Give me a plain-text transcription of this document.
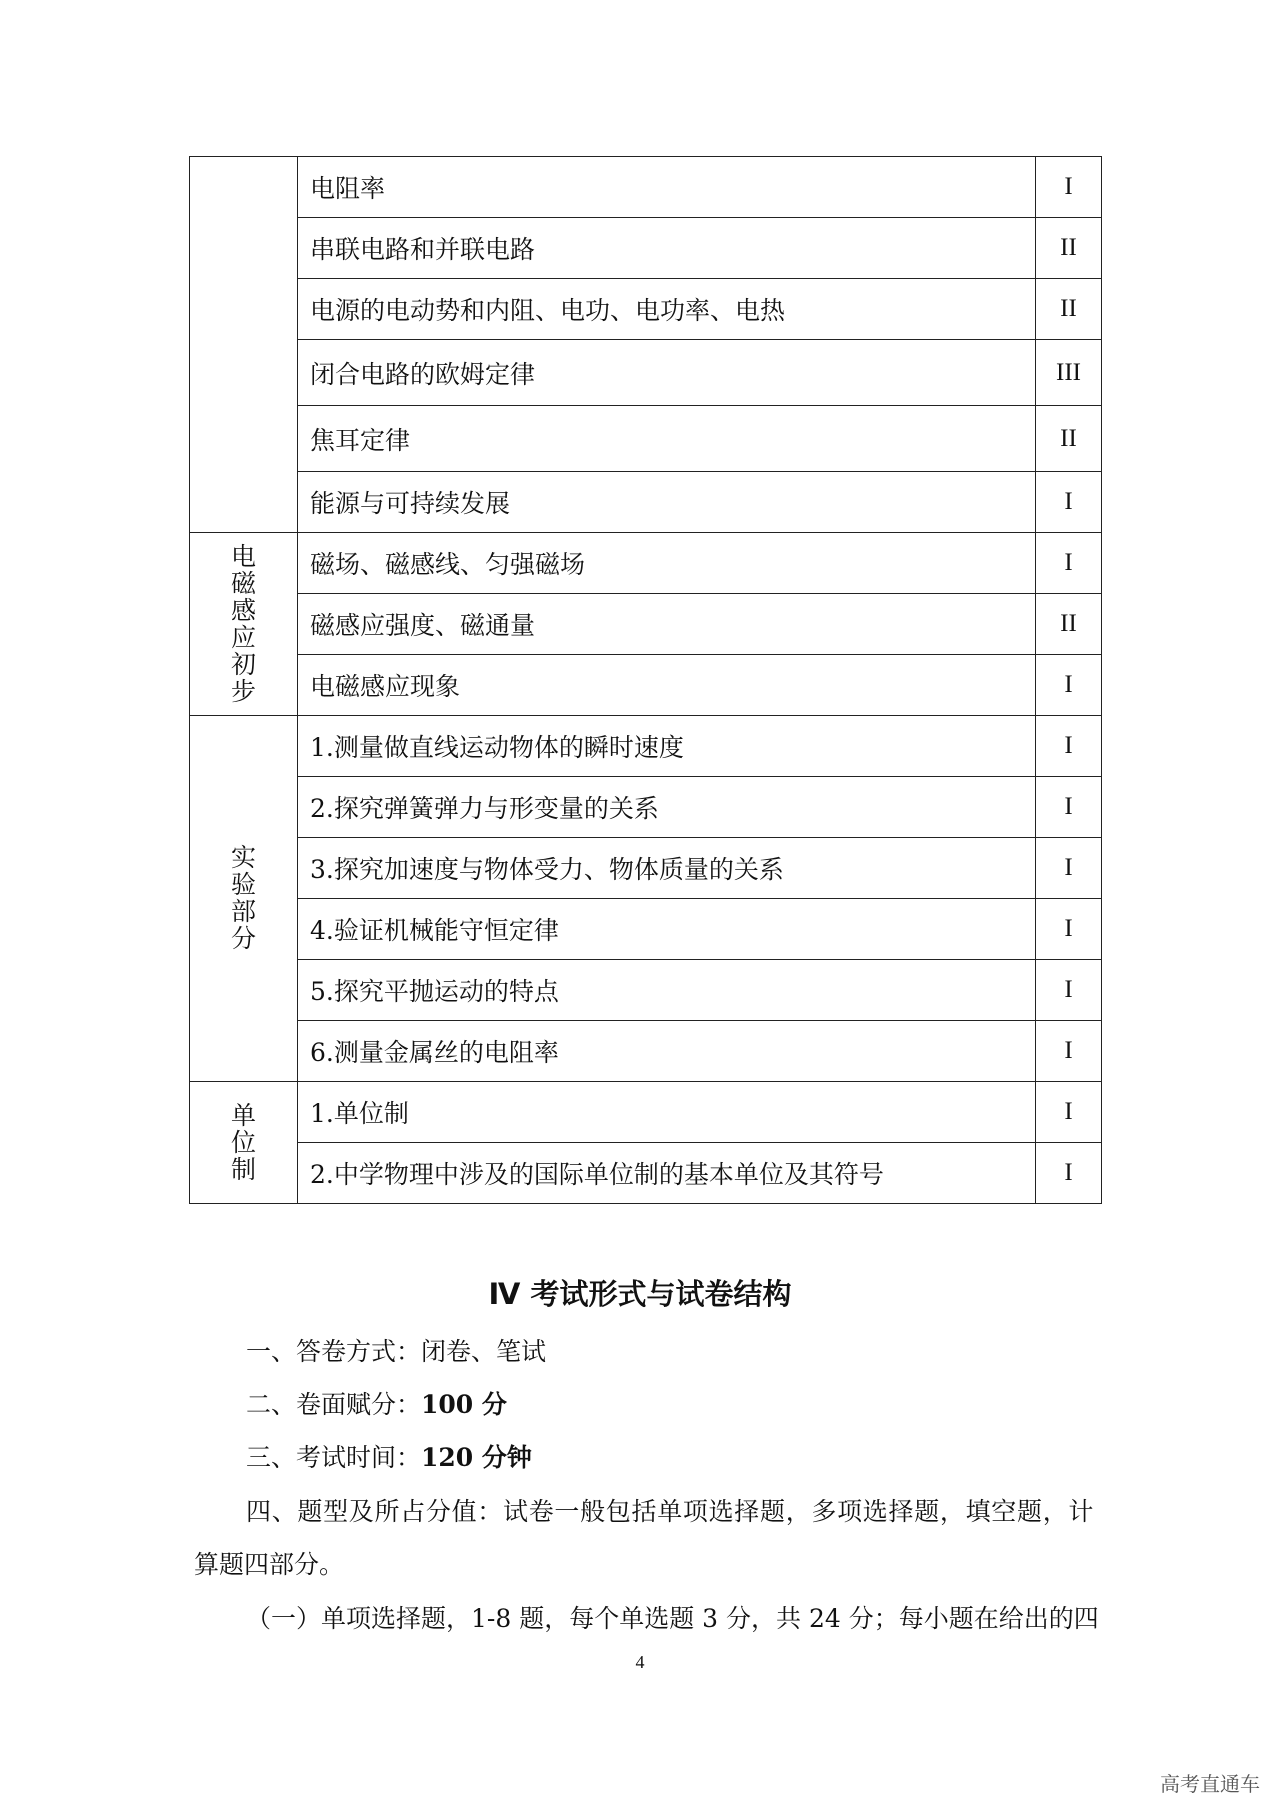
	电阻率	I
	串联电路和并联电路	II
	电源的电动势和内阻、电功、电功率、电热	II
	闭合电路的欧姆定律	III
	焦耳定律	II
	能源与可持续发展	I
电磁感应初步	磁场、磁感线、匀强磁场	I
	磁感应强度、磁通量	II
	电磁感应现象	I
实验部分	1.测量做直线运动物体的瞬时速度	I
	2.探究弹簧弹力与形变量的关系	I
	3.探究加速度与物体受力、物体质量的关系	I
	4.验证机械能守恒定律	I
	5.探究平抛运动的特点	I
	6.测量金属丝的电阻率	I
单位制	1.单位制	I
	2.中学物理中涉及的国际单位制的基本单位及其符号	I
Ⅳ 考试形式与试卷结构
一、答卷方式：闭卷、笔试
二、卷面赋分：100 分
三、考试时间：120 分钟
四、题型及所占分值：试卷一般包括单项选择题，多项选择题，填空题，计
算题四部分。
（一）单项选择题，1-8 题，每个单选题 3 分，共 24 分；每小题在给出的四
4
高考直通车
